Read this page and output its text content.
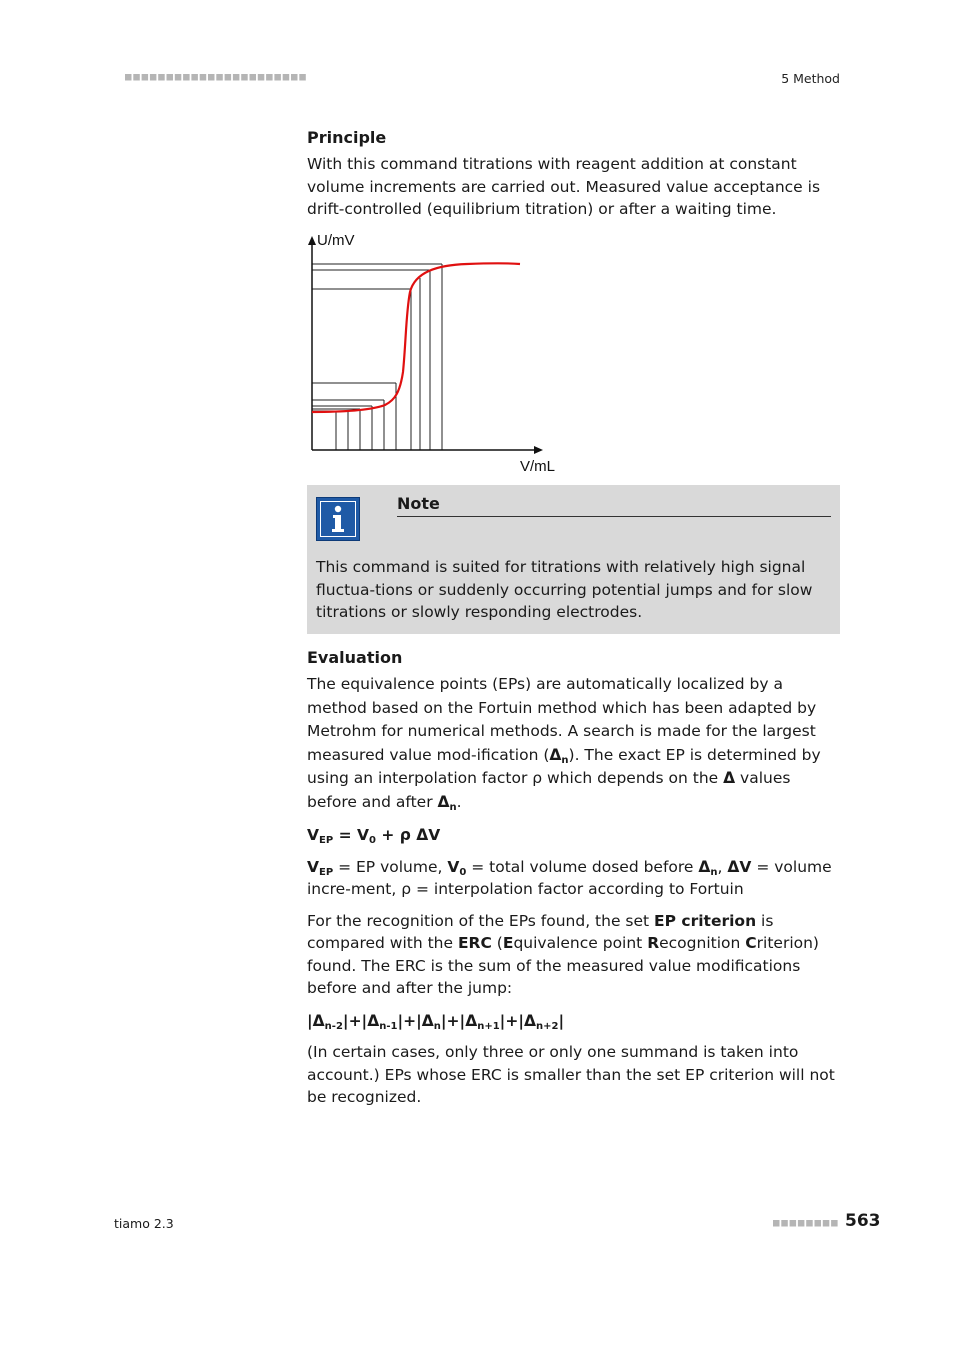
5 Method
Principle

With this command titrations with reagent addition at constant volume increments are carried out. Measured value acceptance is drift-controlled (equilibrium titration) or after a waiting time.

U/mV
V/mL
Note
This command is suited for titrations with relatively high signal fluctua-tions or suddenly occurring potential jumps and for slow titrations or slowly responding electrodes.
Evaluation

The equivalence points (EPs) are automatically localized by a method based on the Fortuin method which has been adapted by Metrohm for numerical methods. A search is made for the largest measured value mod-ification $(\Delta_n)$. The exact EP is determined by using an interpolation factor ρ which depends on the Δ values before and after $\Delta_n$.

$V_{EP} = V_0 + \rho$ ΔV

$V_{EP}$ = EP volume, $V_0$ = total volume dosed before $\Delta_n$, ΔV = volume incre-ment, ρ = interpolation factor according to Fortuin

For the recognition of the EPs found, the set EP criterion is compared with the ERC (Equivalence point Recognition Criterion) found. The ERC is the sum of the measured value modifications before and after the jump:

$|\Delta_{n-2}|+|\Delta_{n-1}|+|\Delta_n|+|\Delta_{n+1}|+|\Delta_{n+2}|$

(In certain cases, only three or only one summand is taken into account.) EPs whose ERC is smaller than the set EP criterion will not be recognized.

tiamo 2.3	563
